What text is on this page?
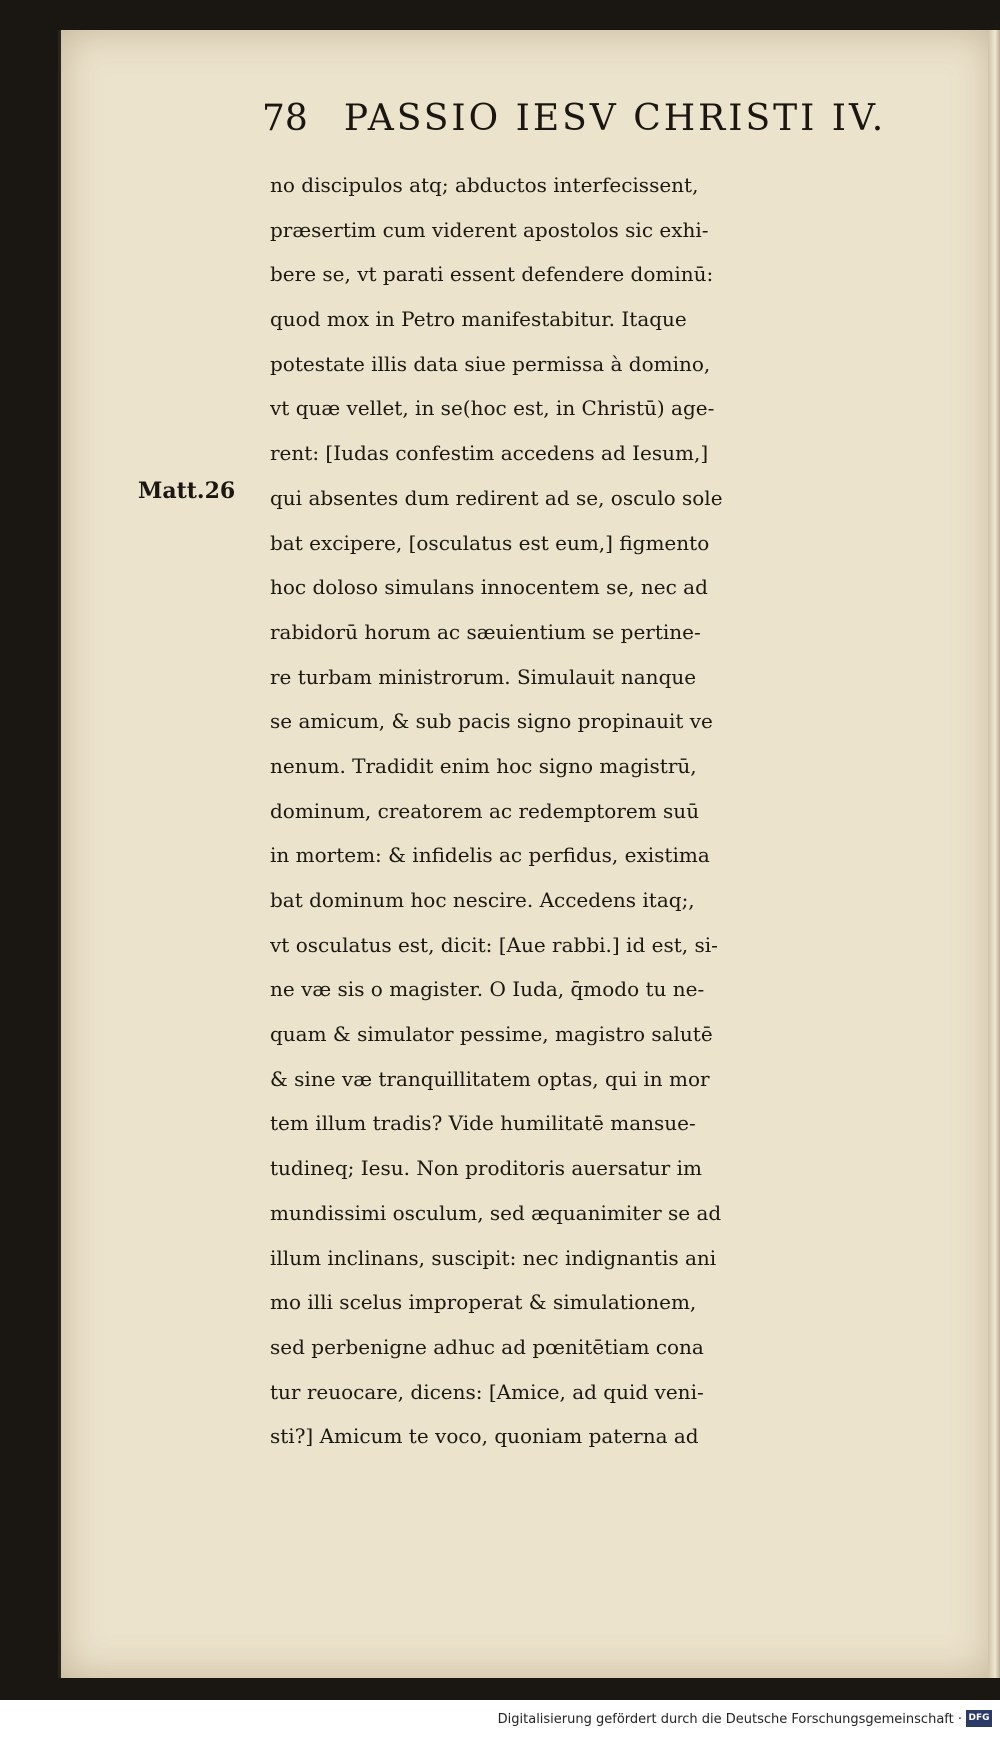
78 PASSIO IESV CHRISTI IV.
Matt.26
no discipulos atq; abductos interfecissent,
præsertim cum viderent apostolos sic exhi-
bere se, vt parati essent defendere dominū:
quod mox in Petro manifestabitur. Itaque
potestate illis data siue permissa à domino,
vt quæ vellet, in se(hoc est, in Christū) age-
rent: [Iudas confestim accedens ad Iesum,]
qui absentes dum redirent ad se, osculo sole
bat excipere, [osculatus est eum,] figmento
hoc doloso simulans innocentem se, nec ad
rabidorū horum ac sæuientium se pertine-
re turbam ministrorum. Simulauit nanque
se amicum, & sub pacis signo propinauit ve
nenum. Tradidit enim hoc signo magistrū,
dominum, creatorem ac redemptorem suū
in mortem: & infidelis ac perfidus, existima
bat dominum hoc nescire. Accedens itaq;,
vt osculatus est, dicit: [Aue rabbi.] id est, si-
ne væ sis o magister. O Iuda, q̄modo tu ne-
quam & simulator pessime, magistro salutē
& sine væ tranquillitatem optas, qui in mor
tem illum tradis? Vide humilitatē mansue-
tudineq; Iesu. Non proditoris auersatur im
mundissimi osculum, sed æquanimiter se ad
illum inclinans, suscipit: nec indignantis ani
mo illi scelus improperat & simulationem,
sed perbenigne adhuc ad pœnitētiam cona
tur reuocare, dicens: [Amice, ad quid veni-
sti?] Amicum te voco, quoniam paterna ad
Digitalisierung gefördert durch die Deutsche Forschungsgemeinschaft · DFG
